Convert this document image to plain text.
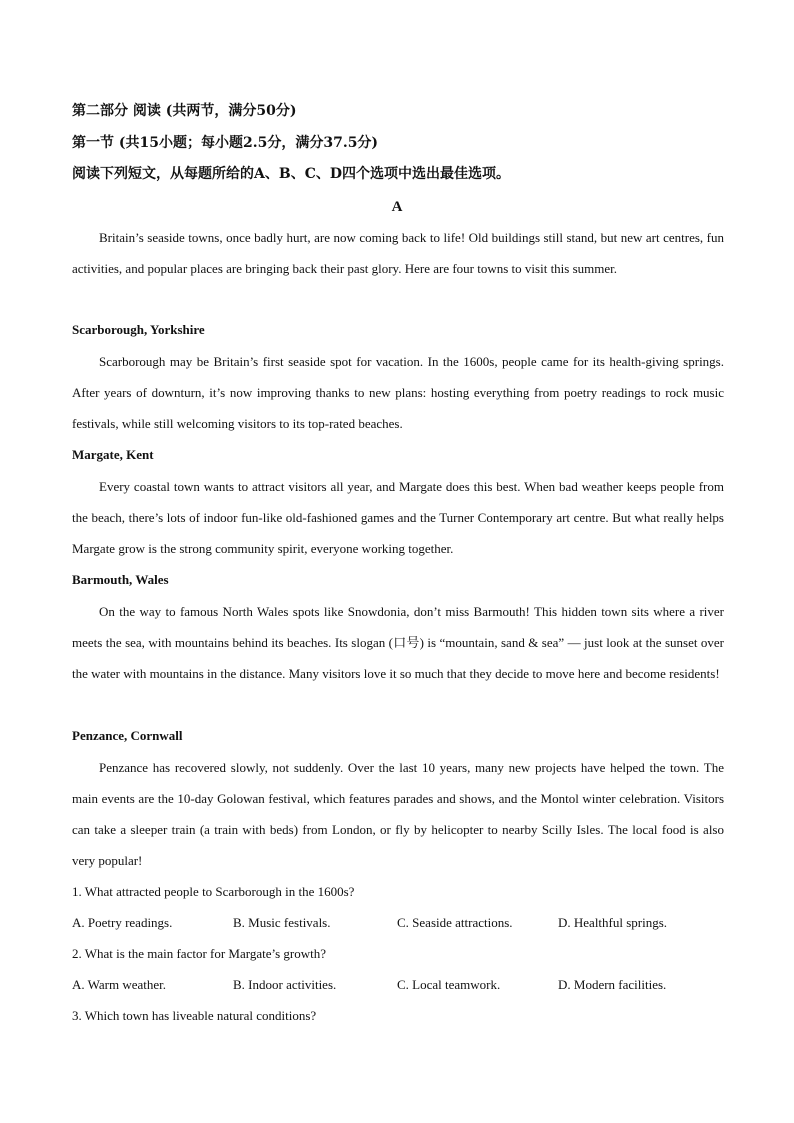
第二部分 阅读 (共两节，满分50分)
第一节 (共15小题；每小题2.5分，满分37.5分)
阅读下列短文，从每题所给的A、B、C、D四个选项中选出最佳选项。
A

Britain’s seaside towns, once badly hurt, are now coming back to life! Old buildings still stand, but new art centres, fun activities, and popular places are bringing back their past glory. Here are four towns to visit this summer.

Scarborough, Yorkshire

Scarborough may be Britain’s first seaside spot for vacation. In the 1600s, people came for its health-giving springs. After years of downturn, it’s now improving thanks to new plans: hosting everything from poetry readings to rock music festivals, while still welcoming visitors to its top-rated beaches.

Margate, Kent

Every coastal town wants to attract visitors all year, and Margate does this best. When bad weather keeps people from the beach, there’s lots of indoor fun-like old-fashioned games and the Turner Contemporary art centre. But what really helps Margate grow is the strong community spirit, everyone working together.

Barmouth, Wales

On the way to famous North Wales spots like Snowdonia, don’t miss Barmouth! This hidden town sits where a river meets the sea, with mountains behind its beaches. Its slogan (口号) is “mountain, sand & sea” — just look at the sunset over the water with mountains in the distance. Many visitors love it so much that they decide to move here and become residents!

Penzance, Cornwall

Penzance has recovered slowly, not suddenly. Over the last 10 years, many new projects have helped the town. The main events are the 10-day Golowan festival, which features parades and shows, and the Montol winter celebration. Visitors can take a sleeper train (a train with beds) from London, or fly by helicopter to nearby Scilly Isles. The local food is also very popular!

1. What attracted people to Scarborough in the 1600s?
A. Poetry readings.	B. Music festivals.	C. Seaside attractions.	D. Healthful springs.
2. What is the main factor for Margate’s growth?
A. Warm weather.	B. Indoor activities.	C. Local teamwork.	D. Modern facilities.
3. Which town has liveable natural conditions?
